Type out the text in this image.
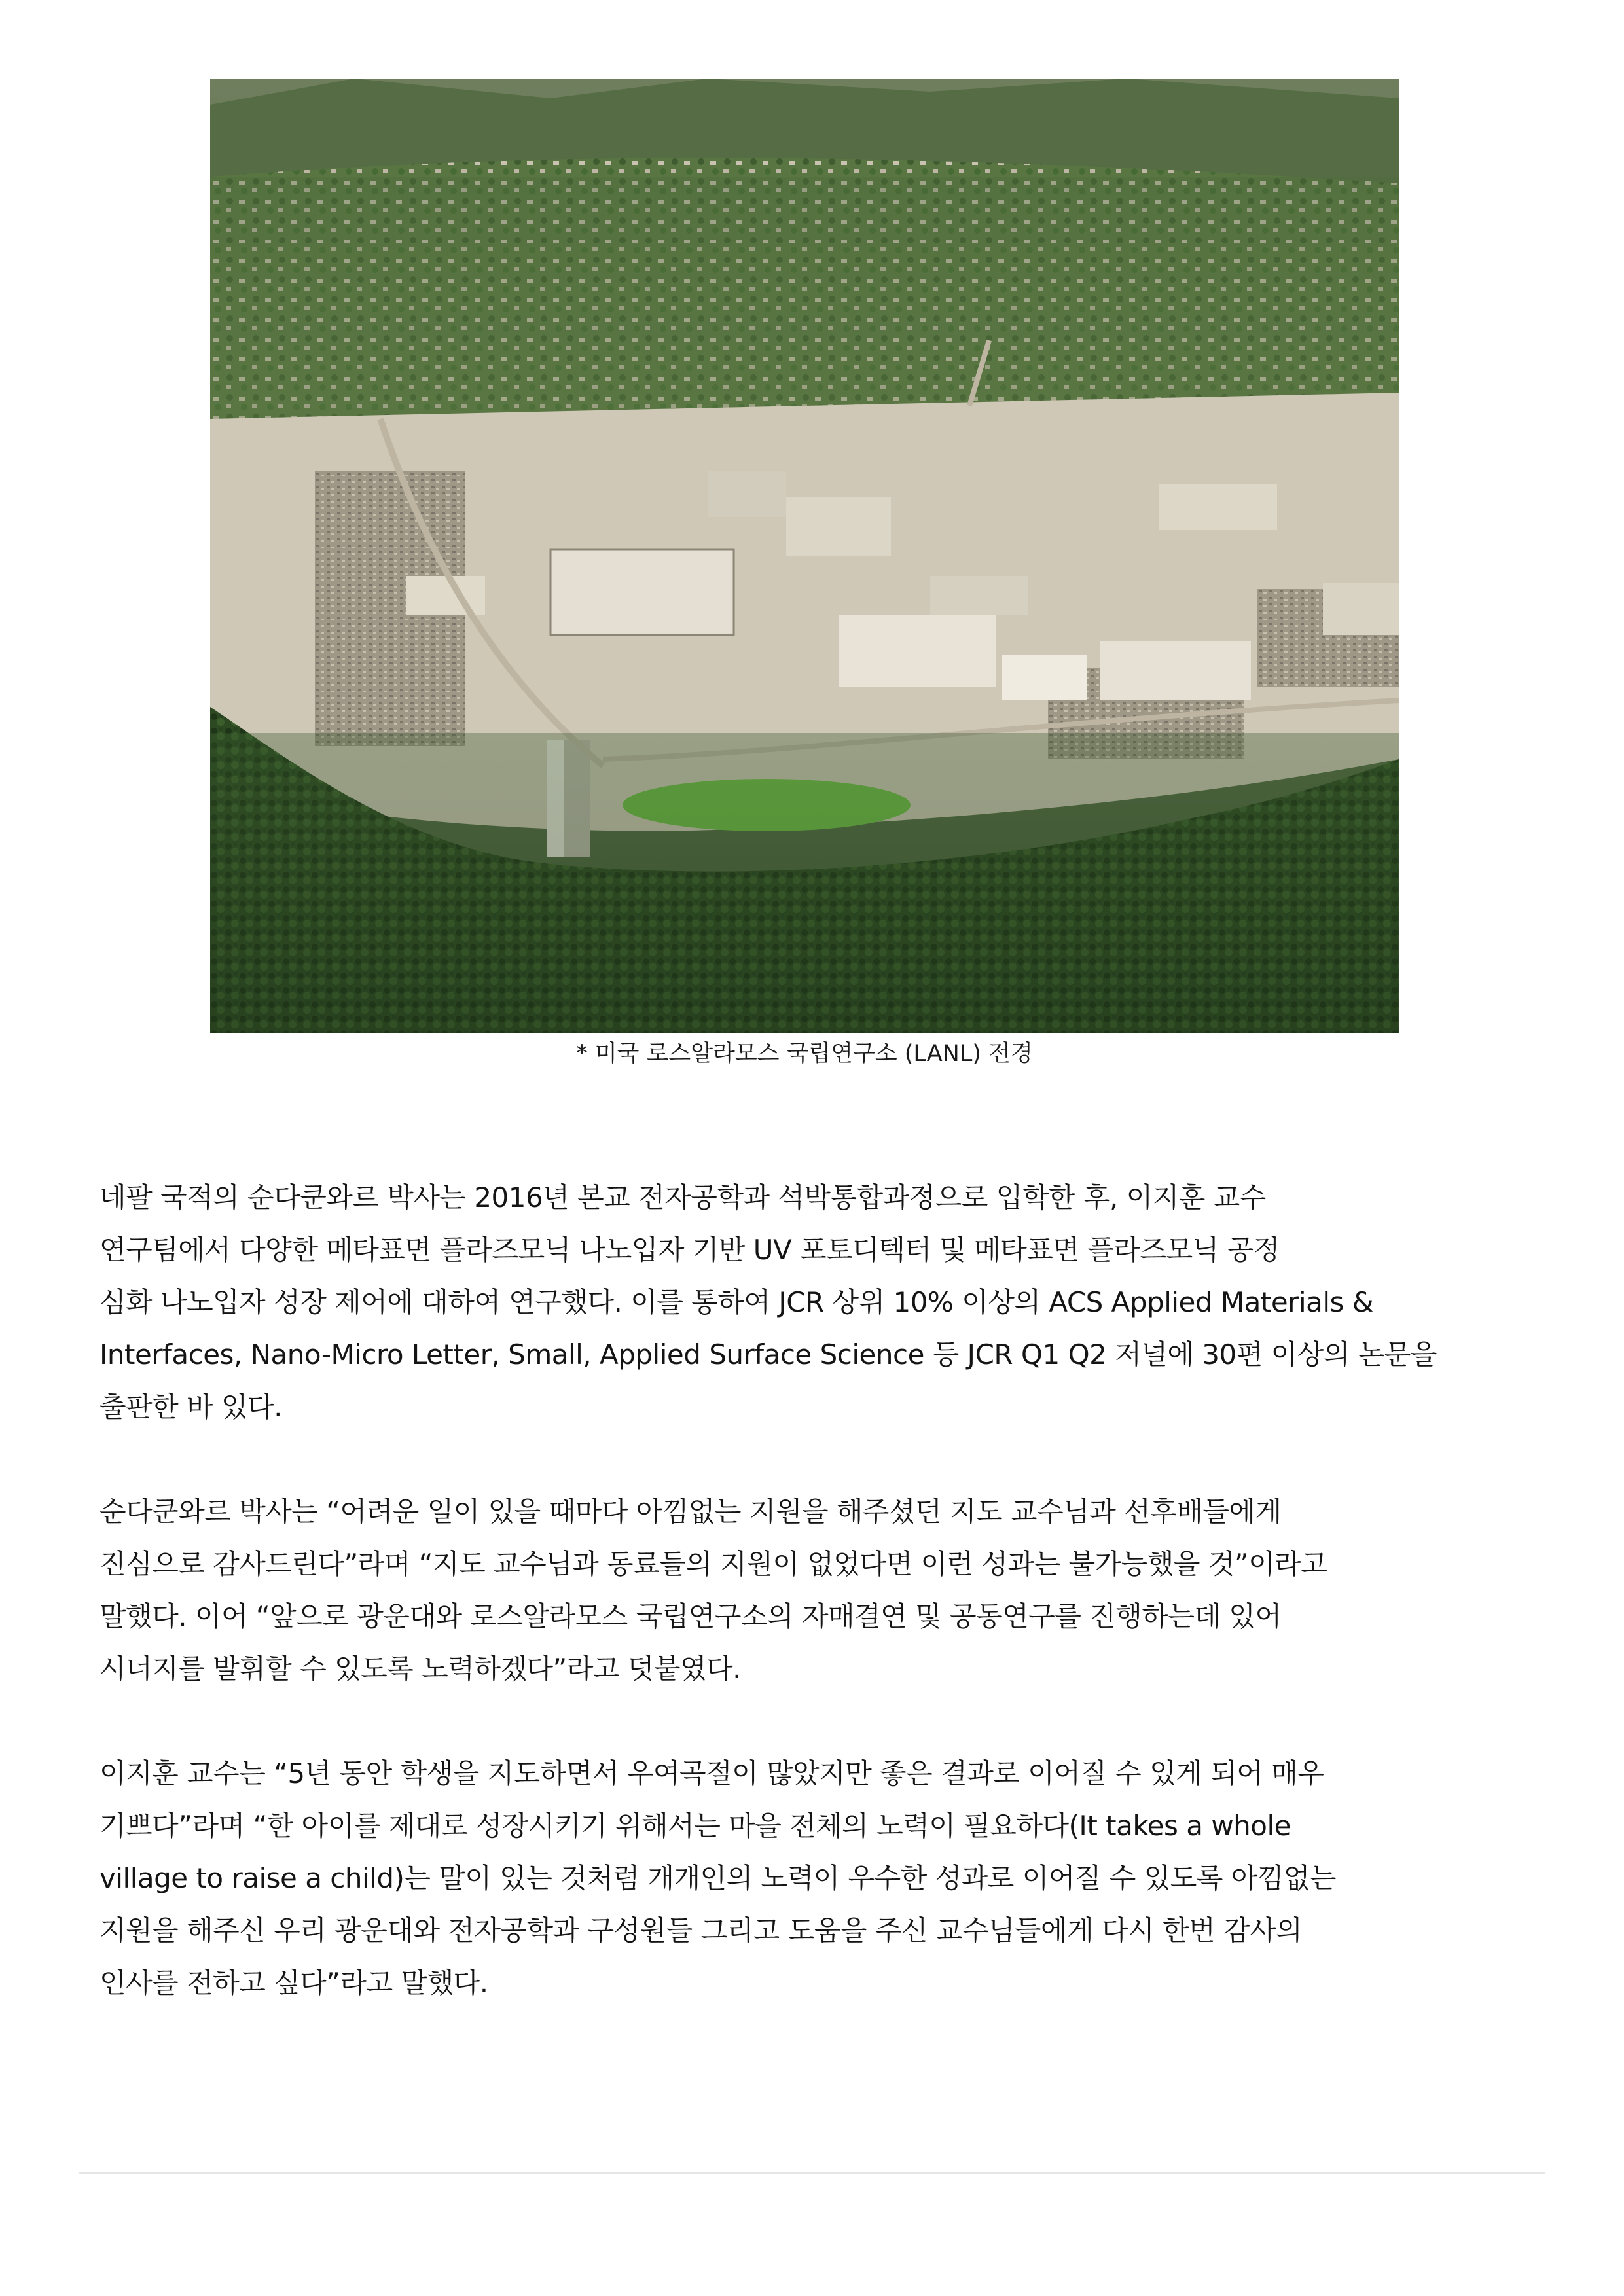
* 미국 로스알라모스 국립연구소 (LANL) 전경

네팔 국적의 순다쿤와르 박사는 2016년 본교 전자공학과 석박통합과정으로 입학한 후, 이지훈 교수
연구팀에서 다양한 메타표면 플라즈모닉 나노입자 기반 UV 포토디텍터 및 메타표면 플라즈모닉 공정
심화 나노입자 성장 제어에 대하여 연구했다. 이를 통하여 JCR 상위 10% 이상의 ACS Applied Materials &
Interfaces, Nano-Micro Letter, Small, Applied Surface Science 등 JCR Q1 Q2 저널에 30편 이상의 논문을
출판한 바 있다.

순다쿤와르 박사는 “어려운 일이 있을 때마다 아낌없는 지원을 해주셨던 지도 교수님과 선후배들에게
진심으로 감사드린다”라며 “지도 교수님과 동료들의 지원이 없었다면 이런 성과는 불가능했을 것”이라고
말했다. 이어 “앞으로 광운대와 로스알라모스 국립연구소의 자매결연 및 공동연구를 진행하는데 있어
시너지를 발휘할 수 있도록 노력하겠다”라고 덧붙였다.

이지훈 교수는 “5년 동안 학생을 지도하면서 우여곡절이 많았지만 좋은 결과로 이어질 수 있게 되어 매우
기쁘다”라며 “한 아이를 제대로 성장시키기 위해서는 마을 전체의 노력이 필요하다(It takes a whole
village to raise a child)는 말이 있는 것처럼 개개인의 노력이 우수한 성과로 이어질 수 있도록 아낌없는
지원을 해주신 우리 광운대와 전자공학과 구성원들 그리고 도움을 주신 교수님들에게 다시 한번 감사의
인사를 전하고 싶다”라고 말했다.
